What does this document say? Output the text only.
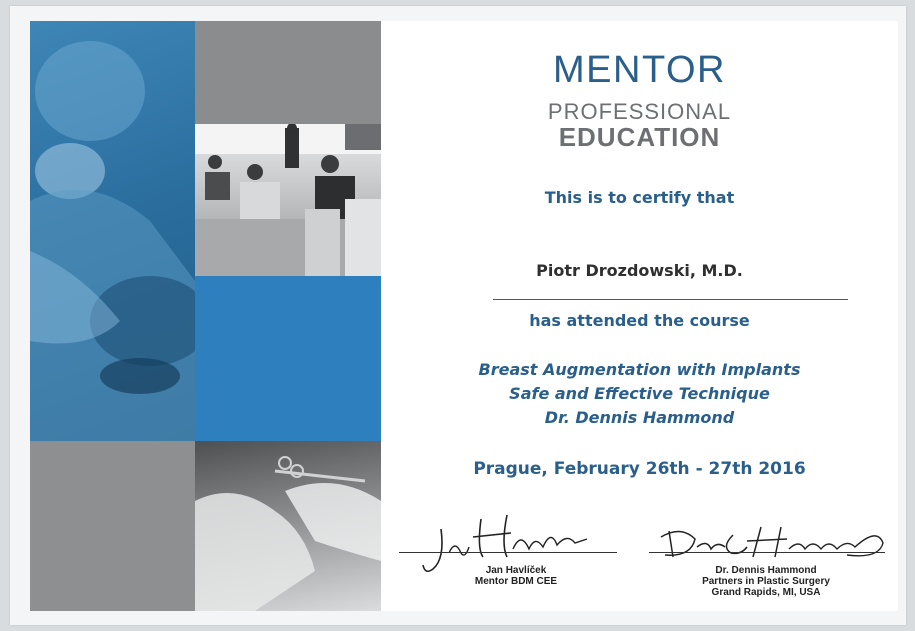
MENTOR
PROFESSIONAL
EDUCATION
This is to certify that
Piotr Drozdowski, M.D.
has attended the course
Breast Augmentation with Implants
Safe and Effective Technique
Dr. Dennis Hammond
Prague, February 26th - 27th 2016
Jan Havlíček
Mentor BDM CEE
Dr. Dennis Hammond
Partners in Plastic Surgery
Grand Rapids, MI, USA
